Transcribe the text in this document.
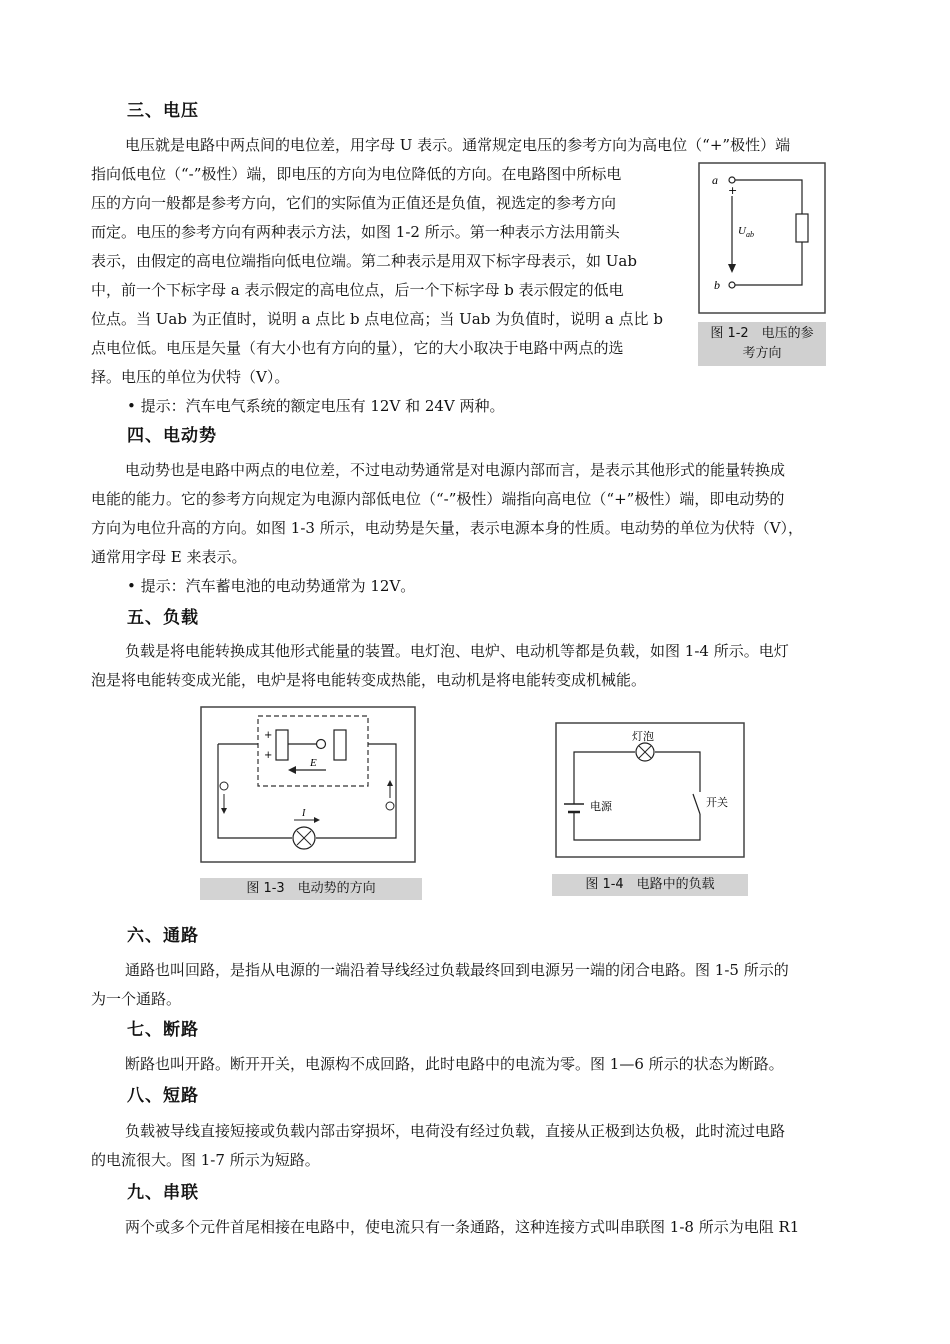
三、电压
电压就是电路中两点间的电位差，用字母 U 表示。通常规定电压的参考方向为高电位（“+”极性）端
指向低电位（“-”极性）端，即电压的方向为电位降低的方向。在电路图中所标电
压的方向一般都是参考方向，它们的实际值为正值还是负值，视选定的参考方向
而定。电压的参考方向有两种表示方法，如图 1-2 所示。第一种表示方法用箭头
表示，由假定的高电位端指向低电位端。第二种表示是用双下标字母表示，如 Uab
中，前一个下标字母 a 表示假定的高电位点，后一个下标字母 b 表示假定的低电
位点。当 Uab 为正值时，说明 a 点比 b 点电位高；当 Uab 为负值时，说明 a 点比 b
点电位低。电压是矢量（有大小也有方向的量），它的大小取决于电路中两点的选
择。电压的单位为伏特（V）。
• 提示：汽车电气系统的额定电压有 12V 和 24V 两种。
a
b
+
U ab
图 1-2　电压的参
考方向
四、电动势
电动势也是电路中两点的电位差，不过电动势通常是对电源内部而言，是表示其他形式的能量转换成
电能的能力。它的参考方向规定为电源内部低电位（“-”极性）端指向高电位（“+”极性）端，即电动势的
方向为电位升高的方向。如图 1-3 所示，电动势是矢量，表示电源本身的性质。电动势的单位为伏特（V），
通常用字母 E 来表示。
• 提示：汽车蓄电池的电动势通常为 12V。
五、负载
负载是将电能转换成其他形式能量的装置。电灯泡、电炉、电动机等都是负载，如图 1-4 所示。电灯
泡是将电能转变成光能，电炉是将电能转变成热能，电动机是将电能转变成机械能。
+
+
E
I
图 1-3　电动势的方向
灯泡
电源	开关
图 1-4　电路中的负载
六、通路
通路也叫回路，是指从电源的一端沿着导线经过负载最终回到电源另一端的闭合电路。图 1-5 所示的
为一个通路。
七、断路
断路也叫开路。断开开关，电源构不成回路，此时电路中的电流为零。图 1—6 所示的状态为断路。
八、短路
负载被导线直接短接或负载内部击穿损坏，电荷没有经过负载，直接从正极到达负极，此时流过电路
的电流很大。图 1-7 所示为短路。
九、串联
两个或多个元件首尾相接在电路中，使电流只有一条通路，这种连接方式叫串联图 1-8 所示为电阻 R1
